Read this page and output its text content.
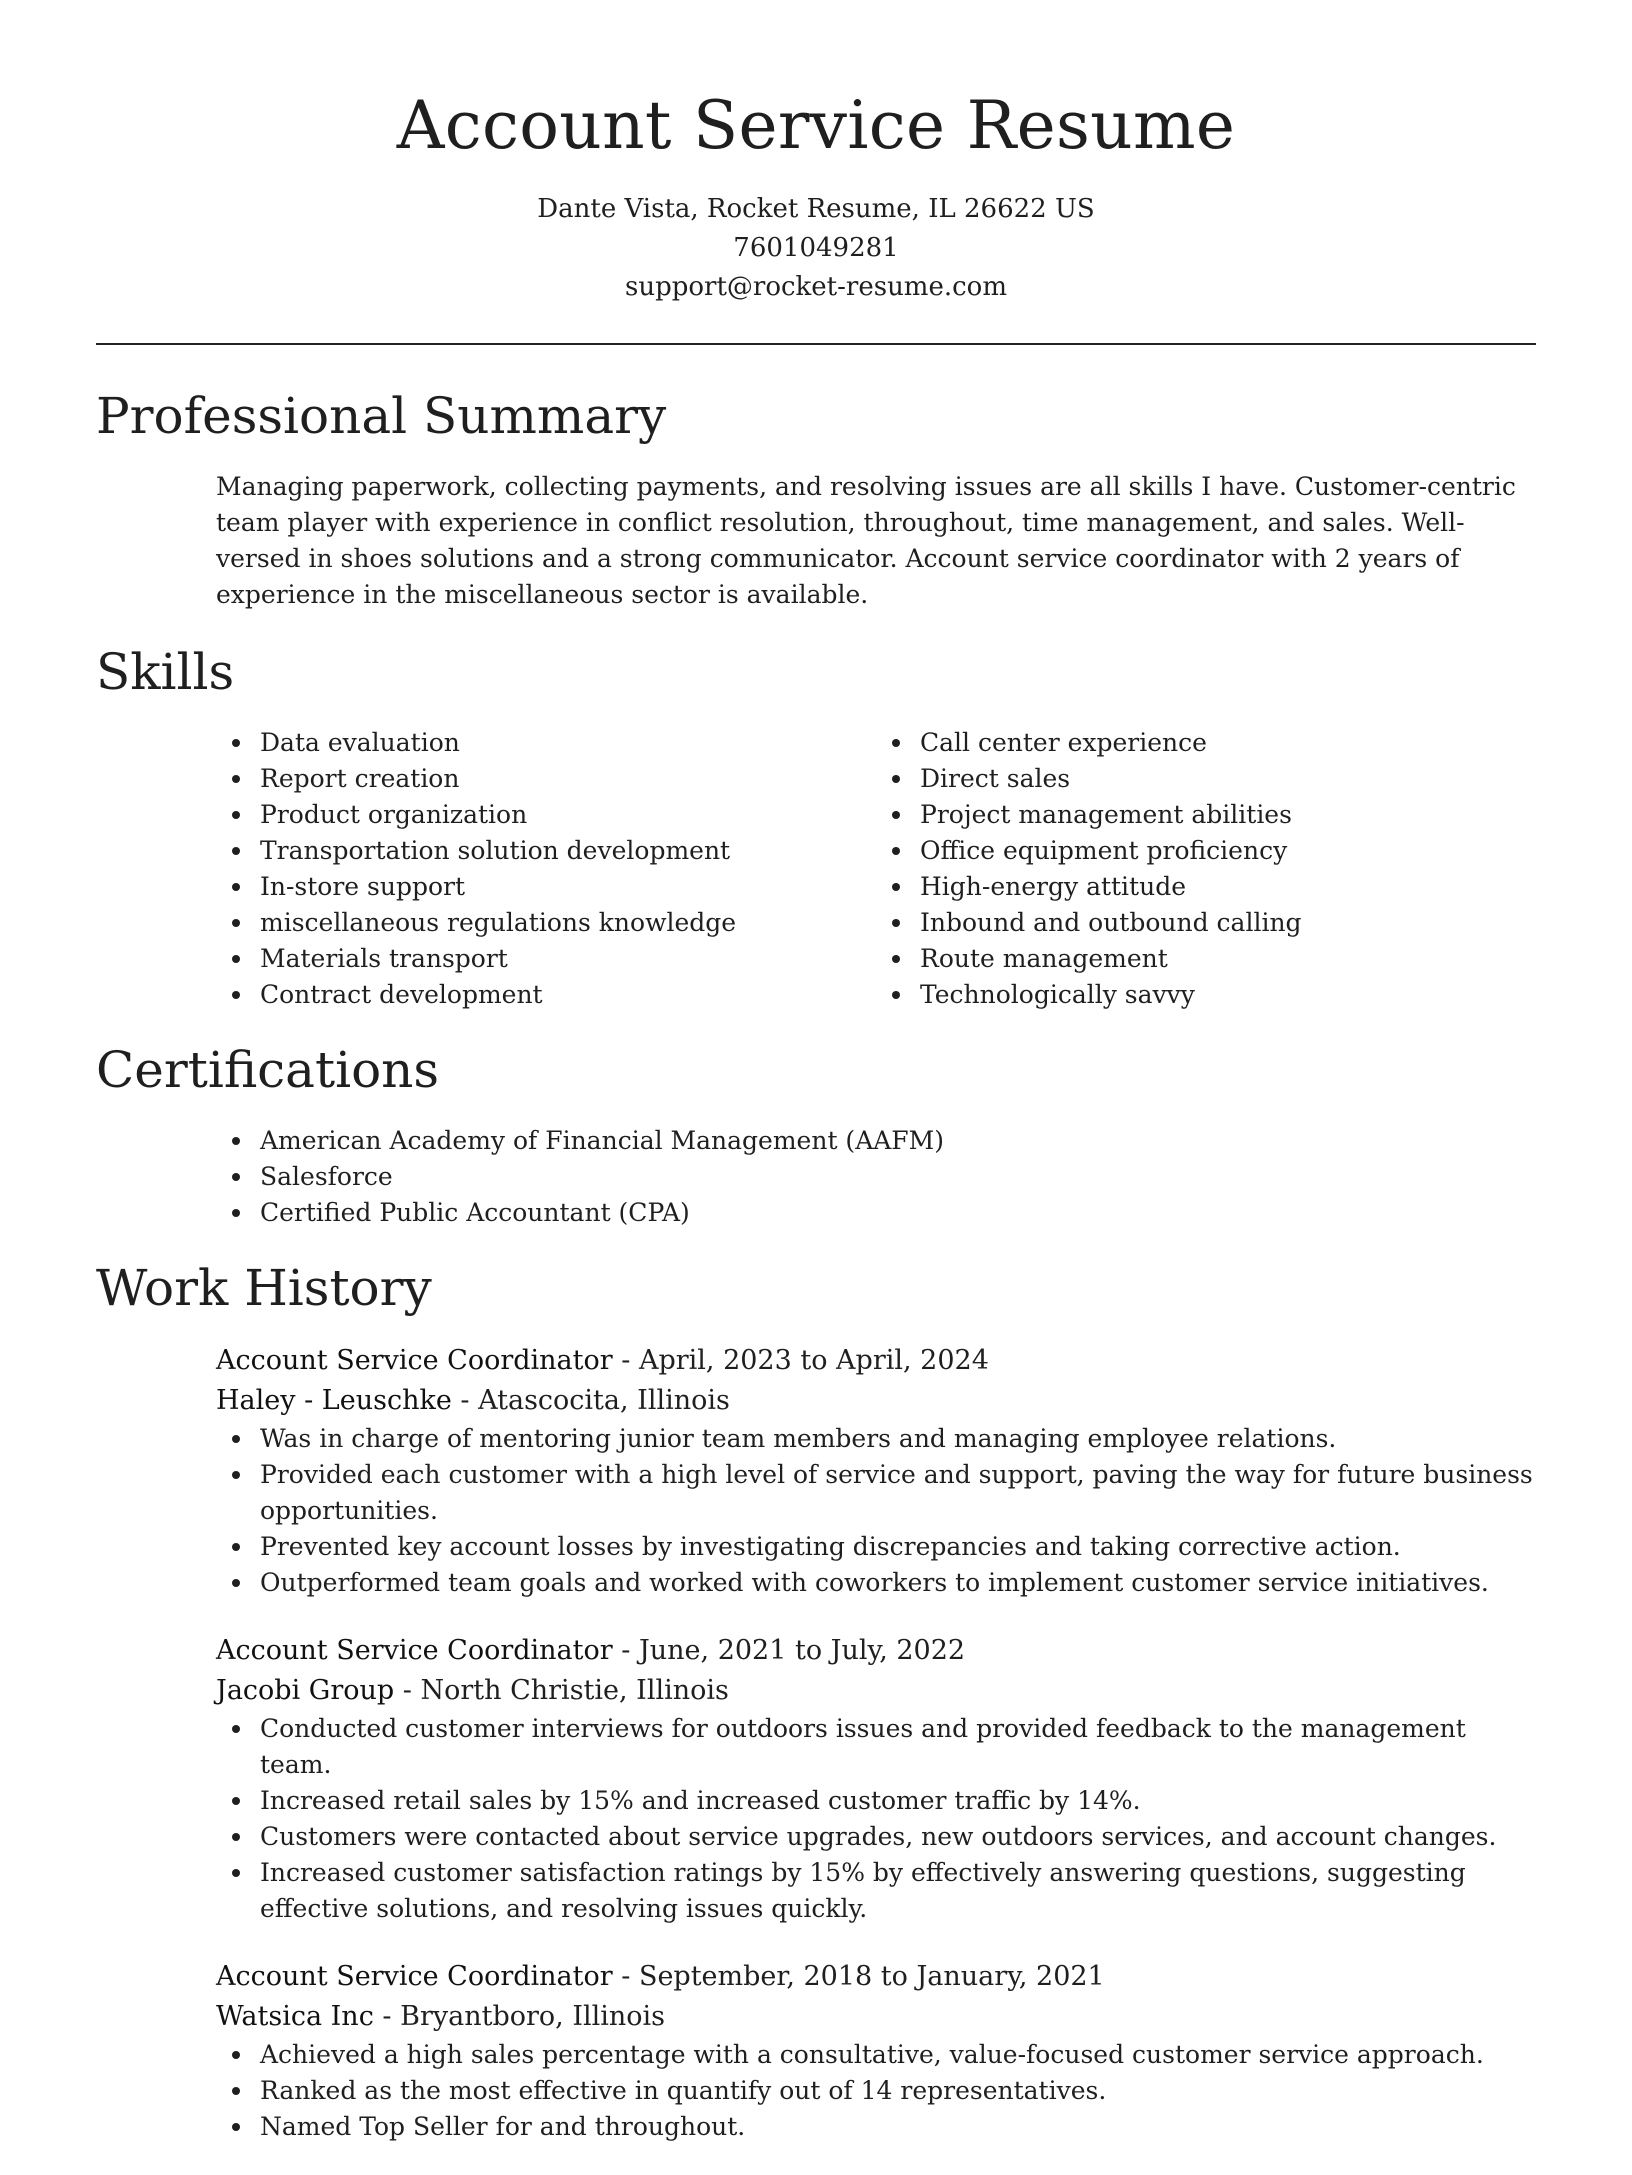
Account Service Resume
Dante Vista, Rocket Resume, IL 26622 US
7601049281
support@rocket-resume.com
Professional Summary

Managing paperwork, collecting payments, and resolving issues are all skills I have. Customer-centric team player with experience in conflict resolution, throughout, time management, and sales. Well-versed in shoes solutions and a strong communicator. Account service coordinator with 2 years of experience in the miscellaneous sector is available.

Skills
Data evaluation
Report creation
Product organization
Transportation solution development
In-store support
miscellaneous regulations knowledge
Materials transport
Contract development
Call center experience
Direct sales
Project management abilities
Office equipment proficiency
High-energy attitude
Inbound and outbound calling
Route management
Technologically savvy
Certifications
American Academy of Financial Management (AAFM)
Salesforce
Certified Public Accountant (CPA)
Work History
Account Service Coordinator - April, 2023 to April, 2024
Haley - Leuschke - Atascocita, Illinois
Was in charge of mentoring junior team members and managing employee relations.
Provided each customer with a high level of service and support, paving the way for future business opportunities.
Prevented key account losses by investigating discrepancies and taking corrective action.
Outperformed team goals and worked with coworkers to implement customer service initiatives.
Account Service Coordinator - June, 2021 to July, 2022
Jacobi Group - North Christie, Illinois
Conducted customer interviews for outdoors issues and provided feedback to the management team.
Increased retail sales by 15% and increased customer traffic by 14%.
Customers were contacted about service upgrades, new outdoors services, and account changes.
Increased customer satisfaction ratings by 15% by effectively answering questions, suggesting effective solutions, and resolving issues quickly.
Account Service Coordinator - September, 2018 to January, 2021
Watsica Inc - Bryantboro, Illinois
Achieved a high sales percentage with a consultative, value-focused customer service approach.
Ranked as the most effective in quantify out of 14 representatives.
Named Top Seller for and throughout.
